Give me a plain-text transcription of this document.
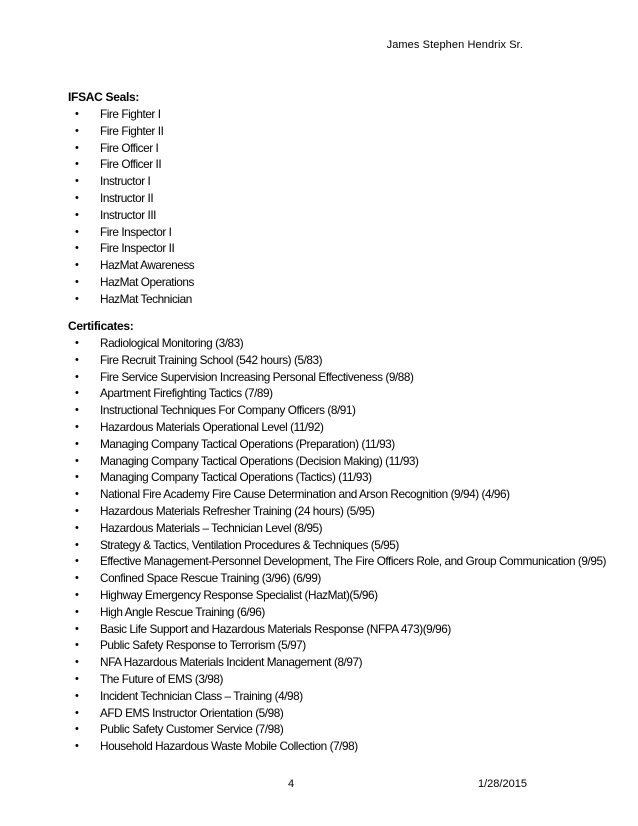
James Stephen Hendrix Sr.
IFSAC Seals:
• Fire Fighter I
• Fire Fighter II
• Fire Officer I
• Fire Officer II
• Instructor I
• Instructor II
• Instructor III
• Fire Inspector I
• Fire Inspector II
• HazMat Awareness
• HazMat Operations
• HazMat Technician
Certificates:
• Radiological Monitoring (3/83)
• Fire Recruit Training School (542 hours) (5/83)
• Fire Service Supervision Increasing Personal Effectiveness (9/88)
• Apartment Firefighting Tactics (7/89)
• Instructional Techniques For Company Officers (8/91)
• Hazardous Materials Operational Level (11/92)
• Managing Company Tactical Operations (Preparation) (11/93)
• Managing Company Tactical Operations (Decision Making) (11/93)
• Managing Company Tactical Operations (Tactics) (11/93)
• National Fire Academy Fire Cause Determination and Arson Recognition (9/94) (4/96)
• Hazardous Materials Refresher Training (24 hours) (5/95)
• Hazardous Materials – Technician Level (8/95)
• Strategy & Tactics, Ventilation Procedures & Techniques (5/95)
• Effective Management-Personnel Development, The Fire Officers Role, and Group Communication (9/95)
• Confined Space Rescue Training (3/96) (6/99)
• Highway Emergency Response Specialist (HazMat)(5/96)
• High Angle Rescue Training (6/96)
• Basic Life Support and Hazardous Materials Response (NFPA 473)(9/96)
• Public Safety Response to Terrorism (5/97)
• NFA Hazardous Materials Incident Management (8/97)
• The Future of EMS (3/98)
• Incident Technician Class – Training (4/98)
• AFD EMS Instructor Orientation (5/98)
• Public Safety Customer Service (7/98)
• Household Hazardous Waste Mobile Collection (7/98)
4	1/28/2015
